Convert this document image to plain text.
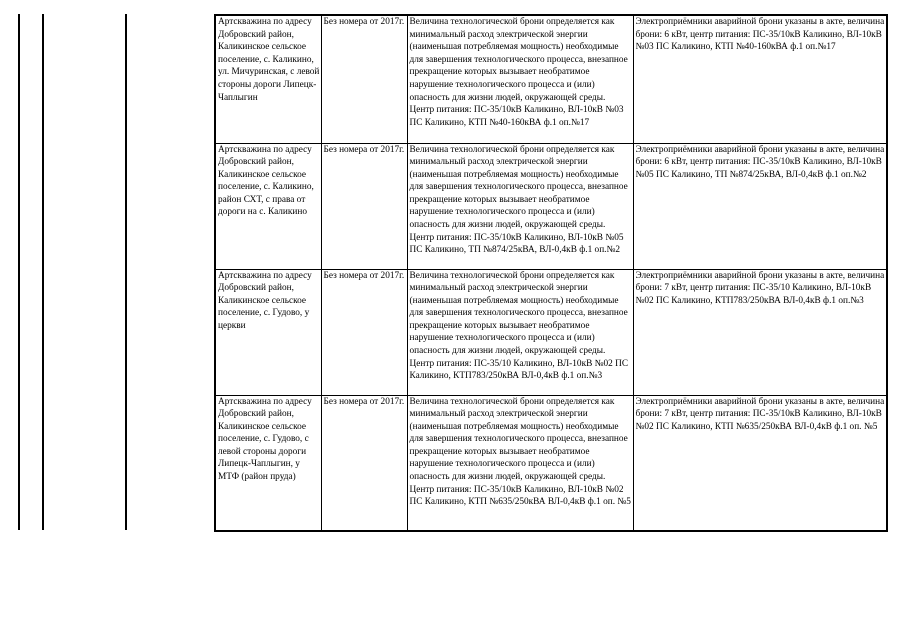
Артскважина по адресу Добровский район, Каликинское сельское поселение, с. Каликино, ул. Мичуринская, с левой стороны дороги Липецк-Чаплыгин	Без номера от 2017г.	Величина технологической брони определяется как минимальный расход электрической энергии (наименьшая потребляемая мощность) необходимые для завершения технологического процесса, внезапное прекращение которых вызывает необратимое нарушение технологического процесса и (или) опасность для жизни людей, окружающей среды. Центр питания: ПС-35/10кВ Каликино, ВЛ-10кВ №03 ПС Каликино, КТП №40-160кВА ф.1 оп.№17	Электроприёмники аварийной брони указаны в акте, величина брони: 6 кВт, центр питания: ПС-35/10кВ Каликино, ВЛ-10кВ №03 ПС Каликино, КТП №40-160кВА ф.1 оп.№17
Артскважина по адресу Добровский район, Каликинское сельское поселение, с. Каликино, район СХТ, с права от дороги на с. Каликино	Без номера от 2017г.	Величина технологической брони определяется как минимальный расход электрической энергии (наименьшая потребляемая мощность) необходимые для завершения технологического процесса, внезапное прекращение которых вызывает необратимое нарушение технологического процесса и (или) опасность для жизни людей, окружающей среды. Центр питания: ПС-35/10кВ Каликино, ВЛ-10кВ №05 ПС Каликино, ТП №874/25кВА, ВЛ-0,4кВ ф.1 оп.№2	Электроприёмники аварийной брони указаны в акте, величина брони: 6 кВт, центр питания: ПС-35/10кВ Каликино, ВЛ-10кВ №05 ПС Каликино, ТП №874/25кВА, ВЛ-0,4кВ ф.1 оп.№2
Артскважина по адресу Добровский район, Каликинское сельское поселение, с. Гудово, у церкви	Без номера от 2017г.	Величина технологической брони определяется как минимальный расход электрической энергии (наименьшая потребляемая мощность) необходимые для завершения технологического процесса, внезапное прекращение которых вызывает необратимое нарушение технологического процесса и (или) опасность для жизни людей, окружающей среды. Центр питания: ПС-35/10 Каликино, ВЛ-10кВ №02 ПС Каликино, КТП783/250кВА ВЛ-0,4кВ ф.1 оп.№3	Электроприёмники аварийной брони указаны в акте, величина брони: 7 кВт, центр питания: ПС-35/10 Каликино, ВЛ-10кВ №02 ПС Каликино, КТП783/250кВА ВЛ-0,4кВ ф.1 оп.№3
Артскважина по адресу Добровский район, Каликинское сельское поселение, с. Гудово, с левой стороны дороги Липецк-Чаплыгин, у МТФ (район пруда)	Без номера от 2017г.	Величина технологической брони определяется как минимальный расход электрической энергии (наименьшая потребляемая мощность) необходимые для завершения технологического процесса, внезапное прекращение которых вызывает необратимое нарушение технологического процесса и (или) опасность для жизни людей, окружающей среды. Центр питания: ПС-35/10кВ Каликино, ВЛ-10кВ №02 ПС Каликино, КТП №635/250кВА ВЛ-0,4кВ ф.1 оп. №5	Электроприёмники аварийной брони указаны в акте, величина брони: 7 кВт, центр питания: ПС-35/10кВ Каликино, ВЛ-10кВ №02 ПС Каликино, КТП №635/250кВА ВЛ-0,4кВ ф.1 оп. №5
